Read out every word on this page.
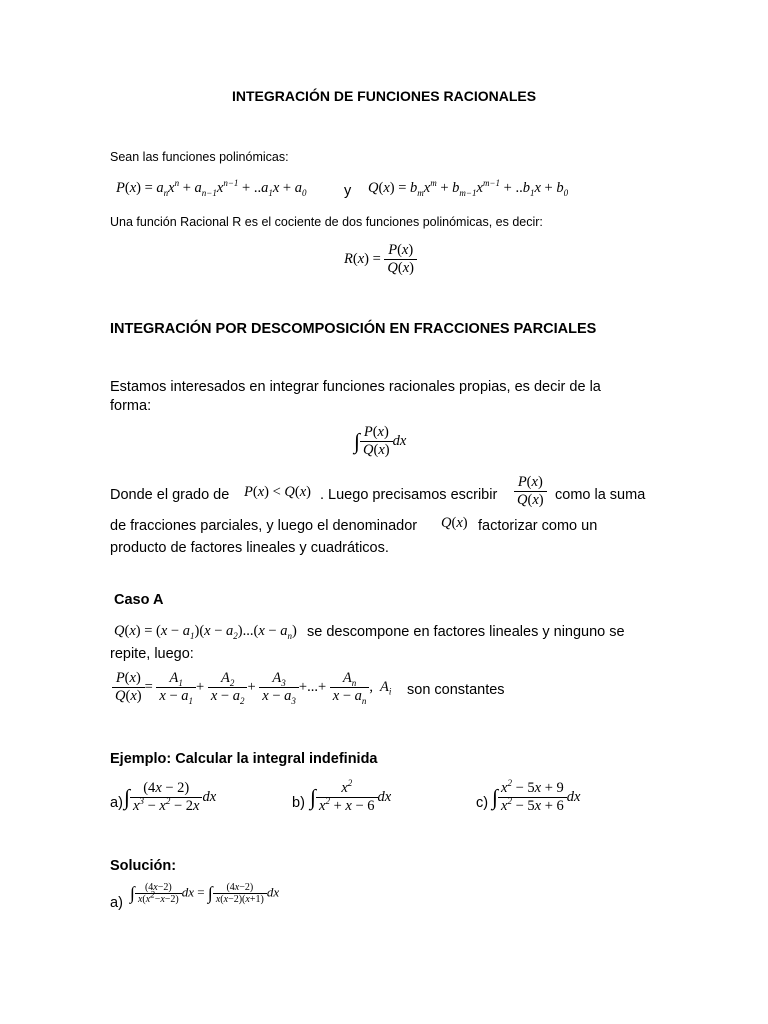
INTEGRACIÓN DE FUNCIONES RACIONALES
Sean las funciones polinómicas:
$P(x) = a_nx^n + a_{n-1}x^{n-1} + ..a_1x + a_0$	y $Q(x) = b_mx^m + b_{m-1}x^{m-1} + ..b_1x + b_0$
Una función Racional R es el cociente de dos funciones polinómicas, es decir:
$R(x) = \frac{P(x)}{Q(x)}$
INTEGRACIÓN POR DESCOMPOSICIÓN EN FRACCIONES PARCIALES
Estamos interesados en integrar funciones racionales propias, es decir de la
forma:
∫ $\frac{P(x)}{Q(x)}$ dx
Donde el grado de P(x) < Q(x) . Luego precisamos escribir $\frac{P(x)}{Q(x)}$ como la suma
de fracciones parciales, y luego el denominador Q(x) factorizar como un
producto de factores lineales y cuadráticos.
Caso A
$Q(x) = (x - a_1)(x - a_2)...(x - a_n)$ se descompone en factores lineales y ninguno se
repite, luego:
$\frac{P(x)}{Q(x)} = \frac{A_1}{x - a_1} + \frac{A_2}{x - a_2} + \frac{A_3}{x - a_3}$ +...+ $\frac{A_n}{x - a_n}$ ,  $A_i$ son constantes
Ejemplo: Calcular la integral indefinida
a) ∫ $\frac{(4x - 2)}{x^3 - x^2 - 2x}$ dx	b) ∫ $\frac{x^2}{x^2 + x - 6}$ dx	c) ∫ $\frac{x^2 - 5x + 9}{x^2 - 5x + 6}$ dx
Solución:
a) ∫ $\frac{(4x-2)}{x(x^2-x-2)}$ dx = ∫ $\frac{(4x-2)}{x(x-2)(x+1)}$ dx
